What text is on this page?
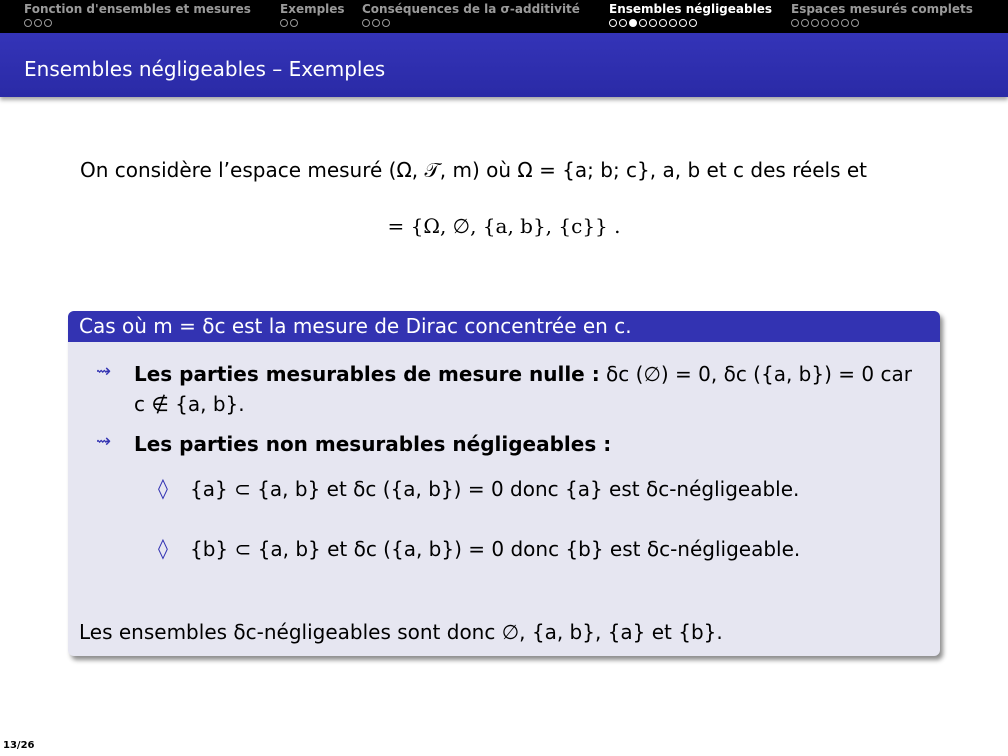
Fonction d'ensembles et mesures Exemples Conséquences de la σ-additivité Ensembles négligeables Espaces mesurés complets
Ensembles négligeables – Exemples
On considère l’espace mesuré (Ω, 𝒯, m) où Ω = {a; b; c}, a, b et c des réels et
= {Ω, ∅, {a, b}, {c}} .
Cas où m = δc est la mesure de Dirac concentrée en c.
⇝ Les parties mesurables de mesure nulle : δc (∅) = 0, δc ({a, b}) = 0 car
c ∉ {a, b}.
⇝ Les parties non mesurables négligeables :
◊ {a} ⊂ {a, b} et δc ({a, b}) = 0 donc {a} est δc-négligeable.
◊ {b} ⊂ {a, b} et δc ({a, b}) = 0 donc {b} est δc-négligeable.
Les ensembles δc-négligeables sont donc ∅, {a, b}, {a} et {b}.
13/26
